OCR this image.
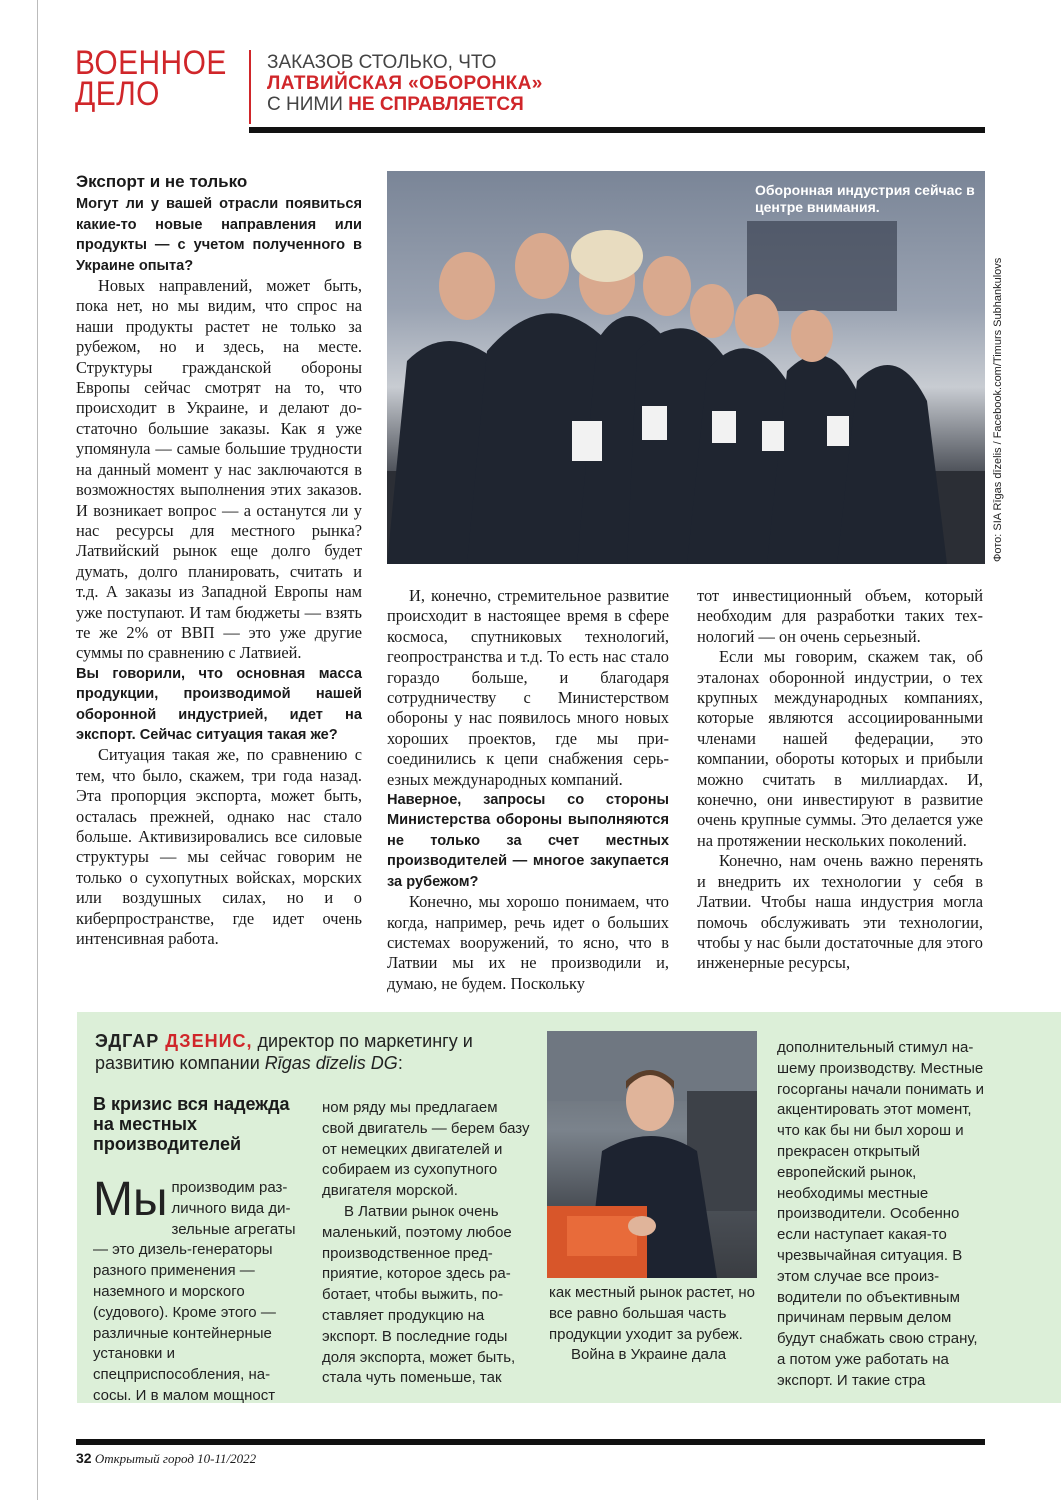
ВОЕННОЕ
ДЕЛО
ЗАКАЗОВ СТОЛЬКО, ЧТО
ЛАТВИЙСКАЯ «ОБОРОНКА»
С НИМИ НЕ СПРАВЛЯЕТСЯ
Экспорт и не только
Могут ли у вашей отрасли появиться какие-то новые направления или продукты — с учетом полученного в Украине опыта?

Новых направлений, может быть, пока нет, но мы видим, что спрос на наши продукты растет не только за рубежом, но и здесь, на месте. Структуры гражданской обороны Европы сейчас смотрят на то, что происходит в Украине, и делают достаточно большие заказы. Как я уже упомянула — самые большие трудности на данный момент у нас заключаются в возможностях выполнения этих заказов. И возникает вопрос — а останутся ли у нас ресурсы для местного рынка? Латвийский рынок еще долго будет думать, долго планировать, считать и т.д. А заказы из Западной Европы нам уже поступают. И там бюджеты — взять те же 2% от ВВП — это уже другие суммы по сравнению с Латвией.

Вы говорили, что основная масса продукции, производимой нашей оборонной индустрией, идет на экспорт. Сейчас ситуация такая же?

Ситуация такая же, по сравнению с тем, что было, скажем, три года назад. Эта пропорция экспорта, может быть, осталась прежней, однако нас стало больше. Активизировались все силовые структуры — мы сейчас говорим не только о сухопутных войсках, морских или воздушных силах, но и о киберпространстве, где идет очень интенсивная работа.

Оборонная индустрия сейчас в центре внимания.
Фото: SIA Rīgas dīzelis / Facebook.com/Timurs Subhankulovs

И, конечно, стремительное развитие происходит в настоящее время в сфере космоса, спутниковых технологий, геопространства и т.д. То есть нас стало гораздо больше, и благодаря сотрудничеству с Министерством обороны у нас появилось много новых хороших проектов, где мы присоединились к цепи снабжения серьезных международных компаний.

Наверное, запросы со стороны Министерства обороны выполняются не только за счет местных производителей — многое закупается за рубежом?

Конечно, мы хорошо понимаем, что когда, например, речь идет о больших системах вооружений, то ясно, что в Латвии мы их не производили и, думаю, не будем. Поскольку

тот инвестиционный объем, который необходим для разработки таких технологий — он очень серьезный.

Если мы говорим, скажем так, об эталонах оборонной индустрии, о тех крупных международных компаниях, которые являются ассоциированными членами нашей федерации, это компании, обороты которых и прибыли можно считать в миллиардах. И, конечно, они инвестируют в развитие очень крупные суммы. Это делается уже на протяжении нескольких поколений.

Конечно, нам очень важно перенять и внедрить их технологии у себя в Латвии. Чтобы наша индустрия могла помочь обслуживать эти технологии, чтобы у нас были достаточные для этого инженерные ресурсы,

ЭДГАР ДЗЕНИС, директор по маркетингу и развитию компании Rīgas dīzelis DG:
В кризис вся надежда на местных производителей
Мы производим различного вида дизельные агрегаты — это дизель-генераторы разного применения — наземного и морского (судового). Кроме этого — различные контейнерные установки и спецприспособления, насосы. И в малом мощност

ном ряду мы предлагаем свой двигатель — берем базу от немецких двигателей и собираем из сухопутного двигателя морской.

В Латвии рынок очень маленький, поэтому любое производственное предприятие, которое здесь работает, чтобы выжить, поставляет продукцию на экспорт. В последние годы доля экспорта, может быть, стала чуть поменьше, так

как местный рынок растет, но все равно большая часть продукции уходит за рубеж.

Война в Украине дала

дополнительный стимул нашему производству. Местные госорганы начали понимать и акцентировать этот момент, что как бы ни был хорош и прекрасен открытый европейский рынок, необходимы местные производители. Особенно если наступает какая-то чрезвычайная ситуация. В этом случае все производители по объективным причинам первым делом будут снабжать свою страну, а потом уже работать на экспорт. И такие стра

32 Открытый город 10-11/2022
